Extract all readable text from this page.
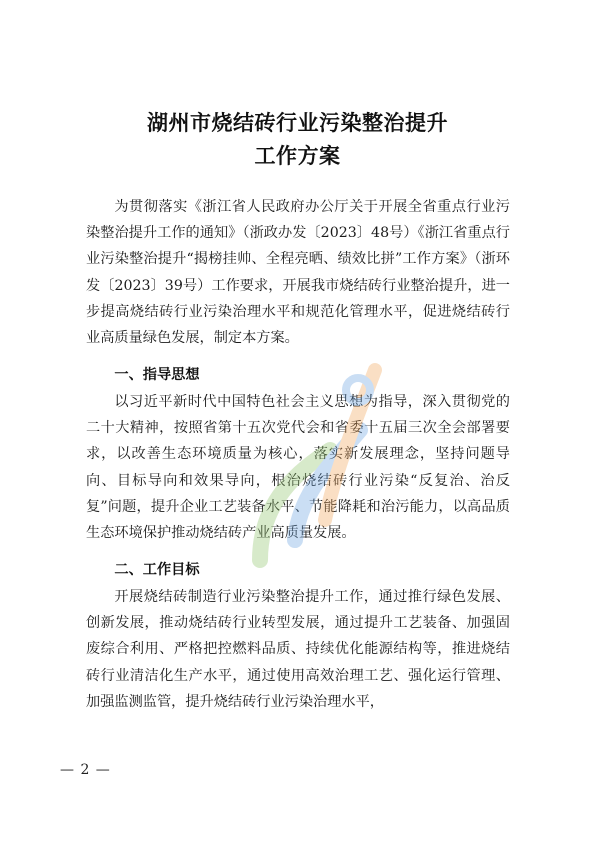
湖州市烧结砖行业污染整治提升
工作方案
为贯彻落实《浙江省人民政府办公厅关于开展全省重点行业污染整治提升工作的通知》（浙政办发〔2023〕48号）《浙江省重点行业污染整治提升“揭榜挂帅、全程亮晒、绩效比拼”工作方案》（浙环发〔2023〕39号）工作要求，开展我市烧结砖行业整治提升，进一步提高烧结砖行业污染治理水平和规范化管理水平，促进烧结砖行业高质量绿色发展，制定本方案。
一、指导思想
以习近平新时代中国特色社会主义思想为指导，深入贯彻党的二十大精神，按照省第十五次党代会和省委十五届三次全会部署要求，以改善生态环境质量为核心，落实新发展理念，坚持问题导向、目标导向和效果导向，根治烧结砖行业污染“反复治、治反复”问题，提升企业工艺装备水平、节能降耗和治污能力，以高品质生态环境保护推动烧结砖产业高质量发展。
二、工作目标
开展烧结砖制造行业污染整治提升工作，通过推行绿色发展、创新发展，推动烧结砖行业转型发展，通过提升工艺装备、加强固废综合利用、严格把控燃料品质、持续优化能源结构等，推进烧结砖行业清洁化生产水平，通过使用高效治理工艺、强化运行管理、加强监测监管，提升烧结砖行业污染治理水平，
— 2 —
